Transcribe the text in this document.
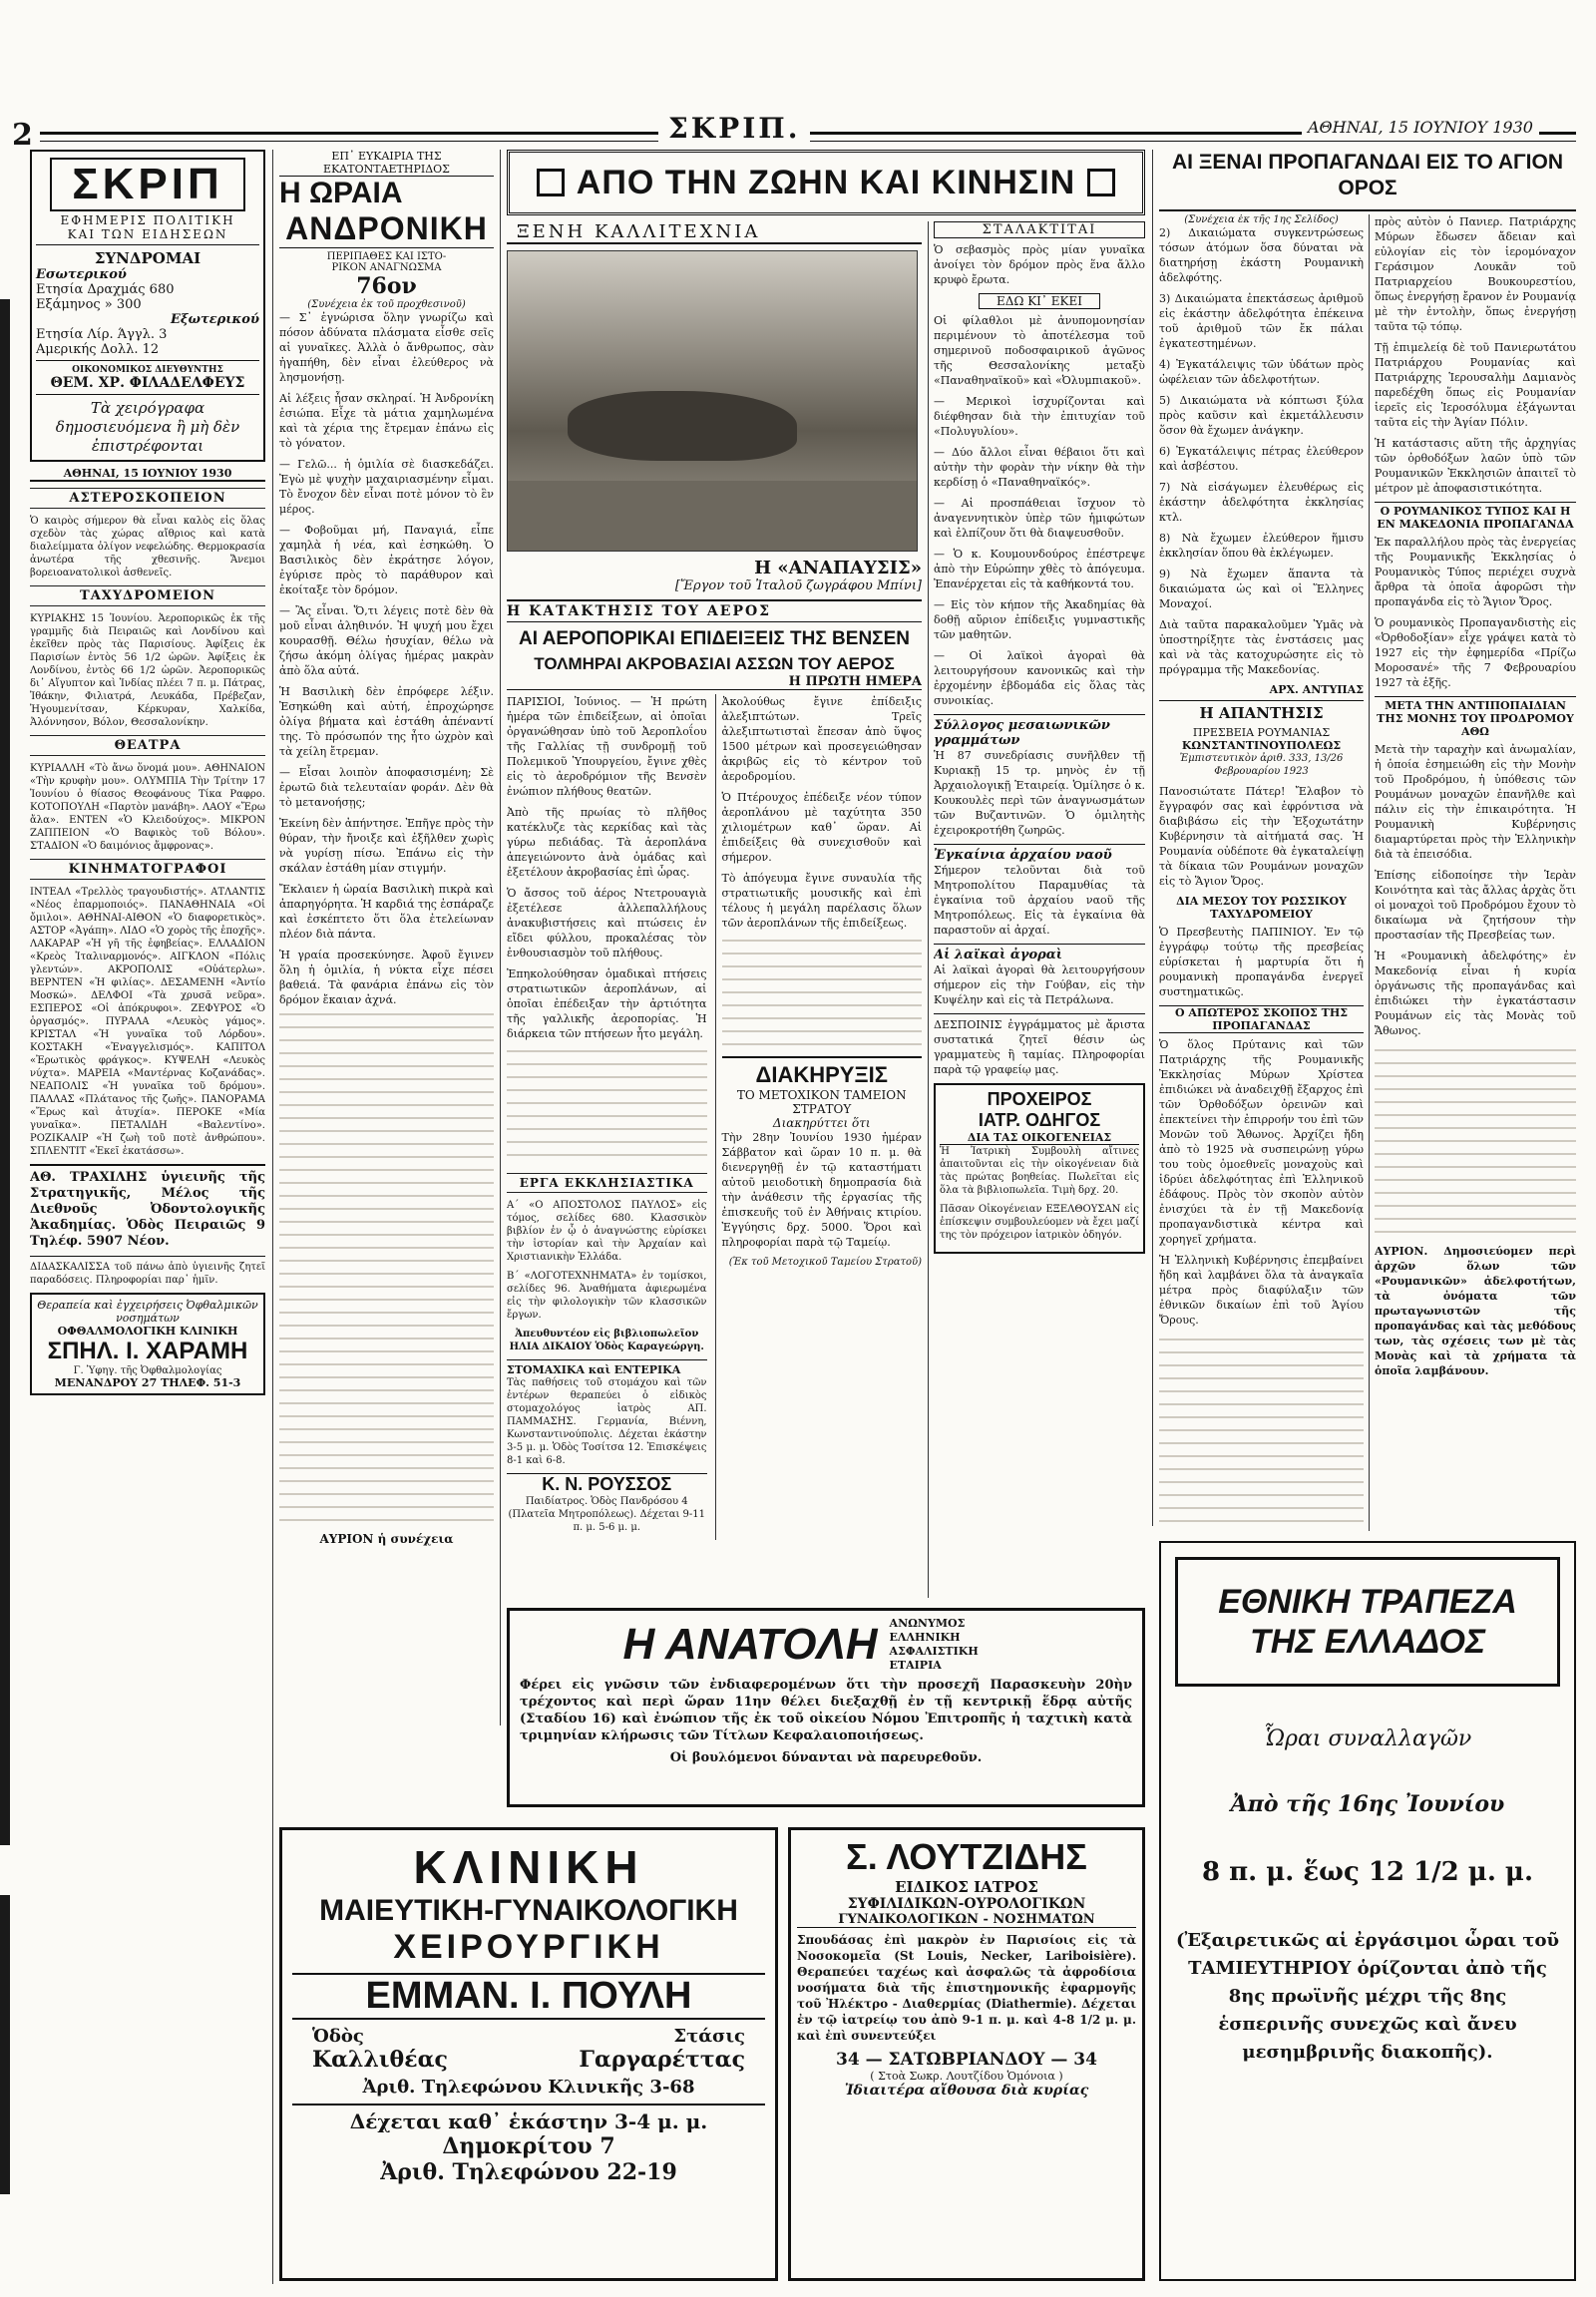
2	ΣΚΡΙΠ.	ΑΘΗΝΑΙ, 15 ΙΟΥΝΙΟΥ 1930
ΣΚΡΙΠ
ΕΦΗΜΕΡΙΣ ΠΟΛΙΤΙΚΗ
ΚΑΙ ΤΩΝ ΕΙΔΗΣΕΩΝ
ΣΥΝΔΡΟΜΑΙ
Εσωτερικού
Ετησία Δραχμάς 680
Εξάμηνος » 300
Εξωτερικού
Ετησία Λίρ. Άγγλ. 3
Αμερικής Δολλ. 12
ΟΙΚΟΝΟΜΙΚΟΣ ΔΙΕΥΘΥΝΤΗΣ
ΘΕΜ. ΧΡ. ΦΙΛΑΔΕΛΦΕΥΣ
Τὰ χειρόγραφα δημοσιευόμενα ἢ μὴ δὲν ἐπιστρέφονται
ΑΘΗΝΑΙ, 15 ΙΟΥΝΙΟΥ 1930
ΑΣΤΕΡΟΣΚΟΠΕΙΟΝ

Ὁ καιρὸς σήμερον θὰ εἶναι καλὸς εἰς ὅλας σχεδὸν τὰς χώρας αἴθριος καὶ κατὰ διαλείμματα ὀλίγον νεφελώδης. Θερμοκρασία ἀνωτέρα τῆς χθεσινῆς. Ἄνεμοι βορειοανατολικοὶ ἀσθενεῖς.

ΤΑΧΥΔΡΟΜΕΙΟΝ

ΚΥΡΙΑΚΗΣ 15 Ἰουνίου. Ἀεροπορικῶς ἐκ τῆς γραμμῆς διὰ Πειραιῶς καὶ Λονδίνου καὶ ἐκεῖθεν πρὸς τὰς Παρισίους. Ἀφίξεις ἐκ Παρισίων ἐντὸς 56 1/2 ὡρῶν. Ἀφίξεις ἐκ Λονδίνου, ἐντὸς 66 1/2 ὡρῶν. Ἀεροπορικῶς δι᾽ Αἴγυπτον καὶ Ἰνδίας πλέει 7 π. μ. Πάτρας, Ἰθάκην, Φιλιατρά, Λευκάδα, Πρέβεζαν, Ἠγουμενίτσαν, Κέρκυραν, Χαλκίδα, Ἀλόννησον, Βόλον, Θεσσαλονίκην.

ΘΕΑΤΡΑ

ΚΥΡΙΑΛΛΗ «Τὸ ἄνω ὅνομά μου». ΑΘΗΝΑΙΟΝ «Τὴν κρυφὴν μου». ΟΛΥΜΠΙΑ Τὴν Τρίτην 17 Ἰουνίου ὁ θίασος Θεοφάνους Τίκα Ραφρο. ΚΟΤΟΠΟΥΛΗ «Παρτὸν μανάβη». ΛΑΟΥ «Ἔρω ἄλα». ΕΝΤΕΝ «Ὁ Κλειδούχος». ΜΙΚΡΟΝ ΖΑΠΠΕΙΟΝ «Ὁ Βαφικὸς τοῦ Βόλου». ΣΤΑΔΙΟΝ «Ὁ δαιμόνιος ἄμφρονας».

ΚΙΝΗΜΑΤΟΓΡΑΦΟΙ

ΙΝΤΕΑΛ «Τρελλὸς τραγουδιστής». ΑΤΛΑΝΤΙΣ «Νέος ἐπαρμοποιός». ΠΑΝΑΘΗΝΑΙΑ «Οἱ ὄμιλοι». ΑΘΗΝΑΙ-ΑΙΘΟΝ «Ὁ διαφορετικὸς». ΑΣΤΟΡ «Ἀγάπη». ΛΙΔΟ «Ὁ χορὸς τῆς ἐποχῆς». ΛΑΚΑΡΑΡ «Ἡ γῆ τῆς ἐφηβείας». ΕΛΛΑΔΙΟΝ «Κρεὸς Ἰταλιναρμονός». ΑΙΓΚΛΟΝ «Πόλις γλεντών». ΑΚΡΟΠΟΛΙΣ «Οὐάτερλω». ΒΕΡΝΤΕΝ «Ἡ φιλίας». ΔΕΣΑΜΕΝΗ «Ἀντίο Μοσκώ». ΔΕΛΦΟΙ «Τὰ χρυσᾶ νεῦρα». ΕΣΠΕΡΟΣ «Οἱ ἀπόκρυφοι». ΖΕΦΥΡΟΣ «Ὁ ὁργασμός». ΠΥΡΑΛΑ «Λευκὸς γάμος». ΚΡΙΣΤΑΛ «Ἡ γυναῖκα τοῦ Λόρδου». ΚΟΣΤΑΚΗ «Ἐναγγελισμός». ΚΑΠΙΤΟΛ «Ἐρωτικὸς φράγκος». ΚΥΨΕΛΗ «Λευκὸς νύχτα». ΜΑΡΕΙΑ «Μαντέρνας Κοζανάδας». ΝΕΑΠΟΛΙΣ «Ἡ γυναῖκα τοῦ δρόμου». ΠΑΛΛΑΣ «Πλάτανος τῆς ζωῆς». ΠΑΝΟΡΑΜΑ «Ἔρως καὶ ἀτυχία». ΠΕΡΟΚΕ «Μία γυναῖκα». ΠΕΤΑΛΙΔΗ «Βαλεντίνο». ΡΟΖΙΚΑΛΙΡ «Ἡ ζωὴ τοῦ ποτὲ ἀνθρώπου». ΣΠΛΕΝΤΙΤ «Ἐκεῖ ἐκατάσσω».

ΑΘ. ΤΡΑΧΙΛΗΣ ὑγιεινῆς τῆς Στρατηγικῆς, Μέλος τῆς Διεθνοῦς Ὀδοντολογικῆς Ἀκαδημίας. Ὁδὸς Πειραιῶς 9 Τηλέφ. 5907 Νέον.

ΔΙΔΑΣΚΑΛΙΣΣΑ τοῦ πάνω ἀπὸ ὑγιεινῆς ζητεῖ παραδόσεις. Πληροφορίαι παρ᾽ ἡμῖν.

Θεραπεία καὶ ἐγχειρήσεις Ὀφθαλμικῶν νοσημάτων
ΟΦΘΑΛΜΟΛΟΓΙΚΗ ΚΛΙΝΙΚΗ
ΣΠΗΛ. Ι. ΧΑΡΑΜΗ
Γ. Ὑφηγ. τῆς Ὀφθαλμολογίας
ΜΕΝΑΝΔΡΟΥ 27 ΤΗΛΕΦ. 51-3
ΕΠ᾽ ΕΥΚΑΙΡΙΑ ΤΗΣ
ΕΚΑΤΟΝΤΑΕΤΗΡΙΔΟΣ
Η ΩΡΑΙΑ
ΑΝΔΡΟΝΙΚΗ
ΠΕΡΙΠΑΘΕΣ ΚΑΙ ΙΣΤΟ-
ΡΙΚΟΝ ΑΝΑΓΝΩΣΜΑ
76ον
(Συνέχεια ἐκ τοῦ προχθεσινοῦ)

— Σ᾽ ἐγνώρισα ὅλην γνωρίζω καὶ πόσον ἀδύνατα πλάσματα εἶσθε σεῖς αἱ γυναῖκες. Ἀλλὰ ὁ ἄνθρωπος, σὰν ἠγαπήθη, δὲν εἶναι ἐλεύθερος νὰ λησμονήσῃ.

Αἱ λέξεις ἦσαν σκληραί. Ἡ Ἀνδρονίκη ἐσιώπα. Εἶχε τὰ μάτια χαμηλωμένα καὶ τὰ χέρια της ἔτρεμαν ἐπάνω εἰς τὸ γόνατον.

— Γελῶ... ἡ ὁμιλία σὲ διασκεδάζει. Ἐγὼ μὲ ψυχὴν μαχαιριασμένην εἶμαι. Τὸ ἔνοχον δὲν εἶναι ποτὲ μόνον τὸ ἓν μέρος.

— Φοβοῦμαι μή, Παναγιά, εἶπε χαμηλὰ ἡ νέα, καὶ ἐσηκώθη. Ὁ Βασιλικὸς δὲν ἐκράτησε λόγον, ἐγύρισε πρὸς τὸ παράθυρον καὶ ἐκοίταξε τὸν δρόμον.

— Ἂς εἶναι. Ὅ,τι λέγεις ποτὲ δὲν θὰ μοῦ εἶναι ἀληθινόν. Ἡ ψυχή μου ἔχει κουρασθῇ. Θέλω ἡσυχίαν, θέλω νὰ ζήσω ἀκόμη ὀλίγας ἡμέρας μακρὰν ἀπὸ ὅλα αὐτά.

Ἡ Βασιλικὴ δὲν ἐπρόφερε λέξιν. Ἐσηκώθη καὶ αὐτή, ἐπροχώρησε ὀλίγα βήματα καὶ ἐστάθη ἀπέναντί της. Τὸ πρόσωπόν της ἦτο ὠχρὸν καὶ τὰ χείλη ἔτρεμαν.

— Εἶσαι λοιπὸν ἀποφασισμένη; Σὲ ἐρωτῶ διὰ τελευταίαν φοράν. Δὲν θὰ τὸ μετανοήσῃς;

Ἐκείνη δὲν ἀπήντησε. Ἐπῆγε πρὸς τὴν θύραν, τὴν ἤνοιξε καὶ ἐξῆλθεν χωρὶς νὰ γυρίσῃ πίσω. Ἐπάνω εἰς τὴν σκάλαν ἐστάθη μίαν στιγμήν.

Ἔκλαιεν ἡ ὡραία Βασιλικὴ πικρὰ καὶ ἀπαρηγόρητα. Ἡ καρδιά της ἐσπάραζε καὶ ἐσκέπτετο ὅτι ὅλα ἐτελείωναν πλέον διὰ πάντα.

Ἡ γραία προσεκύνησε. Ἀφοῦ ἔγινεν ὅλη ἡ ὁμιλία, ἡ νύκτα εἶχε πέσει βαθειά. Τὰ φανάρια ἐπάνω εἰς τὸν δρόμον ἔκαιαν ἀχνά.

ΑΥΡΙΟΝ ἡ συνέχεια
ΑΠΟ ΤΗΝ ΖΩΗΝ ΚΑΙ ΚΙΝΗΣΙΝ
ΞΕΝΗ ΚΑΛΛΙΤΕΧΝΙΑ
Η «ΑΝΑΠΑΥΣΙΣ»
[Ἔργον τοῦ Ἰταλοῦ ζωγράφου Μπίνι]
Η ΚΑΤΑΚΤΗΣΙΣ ΤΟΥ ΑΕΡΟΣ
ΑΙ ΑΕΡΟΠΟΡΙΚΑΙ ΕΠΙΔΕΙΞΕΙΣ ΤΗΣ ΒΕΝΣΕΝ
ΤΟΛΜΗΡΑΙ ΑΚΡΟΒΑΣΙΑΙ ΑΣΣΩΝ ΤΟΥ ΑΕΡΟΣ
Η ΠΡΩΤΗ ΗΜΕΡΑ

ΠΑΡΙΣΙΟΙ, Ἰούνιος. — Ἡ πρώτη ἡμέρα τῶν ἐπιδείξεων, αἱ ὁποῖαι ὀργανώθησαν ὑπὸ τοῦ Ἀεροπλοΐου τῆς Γαλλίας τῇ συνδρομῇ τοῦ Πολεμικοῦ Ὑπουργείου, ἔγινε χθὲς εἰς τὸ ἀεροδρόμιον τῆς Βενσὲν ἐνώπιον πλήθους θεατῶν.

Ἀπὸ τῆς πρωίας τὸ πλῆθος κατέκλυζε τὰς κερκίδας καὶ τὰς γύρω πεδιάδας. Τὰ ἀεροπλάνα ἀπεγειώνοντο ἀνὰ ὁμάδας καὶ ἐξετέλουν ἀκροβασίας ἐπὶ ὧρας.

Ὁ ἄσσος τοῦ ἀέρος Ντετρουαγιὰ ἐξετέλεσε ἀλλεπαλλήλους ἀνακυβιστήσεις καὶ πτώσεις ἐν εἴδει φύλλου, προκαλέσας τὸν ἐνθουσιασμὸν τοῦ πλήθους.

Ἐπηκολούθησαν ὁμαδικαὶ πτήσεις στρατιωτικῶν ἀεροπλάνων, αἱ ὁποῖαι ἐπέδειξαν τὴν ἀρτιότητα τῆς γαλλικῆς ἀεροπορίας. Ἡ διάρκεια τῶν πτήσεων ἦτο μεγάλη.

ΕΡΓΑ ΕΚΚΛΗΣΙΑΣΤΙΚΑ

Α΄ «Ο ΑΠΟΣΤΟΛΟΣ ΠΑΥΛΟΣ» εἰς τόμος, σελίδες 680. Κλασσικὸν βιβλίον ἐν ᾧ ὁ ἀναγνώστης εὑρίσκει τὴν ἱστορίαν καὶ τὴν Ἀρχαίαν καὶ Χριστιανικὴν Ἑλλάδα.

Β΄ «ΛΟΓΟΤΕΧΝΗΜΑΤΑ» ἐν τομίσκοι, σελίδες 96. Ἀναθήματα ἀφιερωμένα εἰς τὴν φιλολογικὴν τῶν κλασσικῶν ἔργων.

Ἀπευθυντέον εἰς βιβλιοπωλεῖον ΗΛΙΑ ΔΙΚΑΙΟΥ Ὁδὸς Καραγεώργη.

ΣΤΟΜΑΧΙΚΑ καὶ ΕΝΤΕΡΙΚΑ

Τὰς παθήσεις τοῦ στομάχου καὶ τῶν ἐντέρων θεραπεύει ὁ εἰδικὸς στομαχολόγος ἰατρὸς ΑΠ. ΠΑΜΜΑΣΗΣ. Γερμανία, Βιέννη, Κωνσταντινούπολις. Δέχεται ἑκάστην 3-5 μ. μ. Ὁδὸς Τοσίτσα 12. Ἐπισκέψεις 8-1 καὶ 6-8.

Κ. Ν. ΡΟΥΣΣΟΣ

Παιδίατρος. Ὁδὸς Πανδρόσου 4 (Πλατεῖα Μητροπόλεως). Δέχεται 9-11 π. μ. 5-6 μ. μ.

Ἀκολούθως ἔγινε ἐπίδειξις ἀλεξιπτώτων. Τρεῖς ἀλεξιπτωτισταὶ ἔπεσαν ἀπὸ ὕψος 1500 μέτρων καὶ προσεγειώθησαν ἀκριβῶς εἰς τὸ κέντρον τοῦ ἀεροδρομίου.

Ὁ Πτέρουχος ἐπέδειξε νέον τύπον ἀεροπλάνου μὲ ταχύτητα 350 χιλιομέτρων καθ᾽ ὥραν. Αἱ ἐπιδείξεις θὰ συνεχισθοῦν καὶ σήμερον.

Τὸ ἀπόγευμα ἔγινε συναυλία τῆς στρατιωτικῆς μουσικῆς καὶ ἐπὶ τέλους ἡ μεγάλη παρέλασις ὅλων τῶν ἀεροπλάνων τῆς ἐπιδείξεως.

ΔΙΑΚΗΡΥΞΙΣ
ΤΟ ΜΕΤΟΧΙΚΟΝ ΤΑΜΕΙΟΝ
ΣΤΡΑΤΟΥ
Διακηρύττει ὅτι

Τὴν 28ην Ἰουνίου 1930 ἡμέραν Σάββατον καὶ ὥραν 10 π. μ. θὰ διενεργηθῇ ἐν τῷ καταστήματι αὐτοῦ μειοδοτικὴ δημοπρασία διὰ τὴν ἀνάθεσιν τῆς ἐργασίας τῆς ἐπισκευῆς τοῦ ἐν Ἀθήναις κτιρίου. Ἐγγύησις δρχ. 5000. Ὅροι καὶ πληροφορίαι παρὰ τῷ Ταμείῳ.

(Ἐκ τοῦ Μετοχικοῦ Ταμείου Στρατοῦ)

ΣΤΑΛΑΚΤΙΤΑΙ

Ὁ σεβασμὸς πρὸς μίαν γυναῖκα ἀνοίγει τὸν δρόμον πρὸς ἕνα ἄλλο κρυφὸ ἔρωτα.

ΕΔΩ ΚΙ᾽ ΕΚΕΙ

Οἱ φίλαθλοι μὲ ἀνυπομονησίαν περιμένουν τὸ ἀποτέλεσμα τοῦ σημερινοῦ ποδοσφαιρικοῦ ἀγῶνος τῆς Θεσσαλονίκης μεταξὺ «Παναθηναϊκοῦ» καὶ «Ὀλυμπιακοῦ».

— Μερικοὶ ἰσχυρίζονται καὶ διέφθησαν διὰ τὴν ἐπιτυχίαν τοῦ «Πολυγυλίου».

— Δύο ἄλλοι εἶναι θέβαιοι ὅτι καὶ αὐτὴν τὴν φορὰν τὴν νίκην θὰ τὴν κερδίσῃ ὁ «Παναθηναϊκός».

— Αἱ προσπάθειαι ἴσχυον τὸ ἀναγεννητικὸν ὑπὲρ τῶν ἡμιφώτων καὶ ἐλπίζουν ὅτι θὰ διαψευσθοῦν.

— Ὁ κ. Κουμουνδούρος ἐπέστρεψε ἀπὸ τὴν Εὐρώπην χθὲς τὸ ἀπόγευμα. Ἐπανέρχεται εἰς τὰ καθήκοντά του.

— Εἰς τὸν κήπον τῆς Ἀκαδημίας θὰ δοθῇ αὔριον ἐπίδειξις γυμναστικῆς τῶν μαθητῶν.

— Οἱ λαϊκοὶ ἀγοραὶ θὰ λειτουργήσουν κανονικῶς καὶ τὴν ἐρχομένην ἑβδομάδα εἰς ὅλας τὰς συνοικίας.

Σύλλογος μεσαιωνικῶν γραμμάτων

Ἡ 87 συνεδρίασις συνῆλθεν τῇ Κυριακῇ 15 τρ. μηνὸς ἐν τῇ Ἀρχαιολογικῇ Ἑταιρείᾳ. Ὁμίλησε ὁ κ. Κουκουλὲς περὶ τῶν ἀναγνωσμάτων τῶν Βυζαντινῶν. Ὁ ὁμιλητὴς ἐχειροκροτήθη ζωηρῶς.

Ἐγκαίνια ἀρχαίου ναοῦ

Σήμερον τελοῦνται διὰ τοῦ Μητροπολίτου Παραμυθίας τὰ ἐγκαίνια τοῦ ἀρχαίου ναοῦ τῆς Μητροπόλεως. Εἰς τὰ ἐγκαίνια θὰ παραστοῦν αἱ ἀρχαί.

Αἱ λαϊκαὶ ἀγοραὶ

Αἱ λαϊκαὶ ἀγοραὶ θὰ λειτουργήσουν σήμερον εἰς τὴν Γούβαν, εἰς τὴν Κυψέλην καὶ εἰς τὰ Πετράλωνα.

ΔΕΣΠΟΙΝΙΣ ἐγγράμματος μὲ ἄριστα συστατικά ζητεῖ θέσιν ὡς γραμματεὺς ἢ ταμίας. Πληροφορίαι παρὰ τῷ γραφείῳ μας.

ΠΡΟΧΕΙΡΟΣ
ΙΑΤΡ. ΟΔΗΓΟΣ
ΔΙΑ ΤΑΣ ΟΙΚΟΓΕΝΕΙΑΣ

Ἡ Ἰατρικὴ Συμβουλὴ αἴτινες ἀπαιτοῦνται εἰς τὴν οἰκογένειαν διὰ τὰς πρώτας βοηθείας. Πωλεῖται εἰς ὅλα τὰ βιβλιοπωλεῖα. Τιμὴ δρχ. 20.

Πᾶσαν Οἰκογένειαν ΕΞΕΛΘΟΥΣΑΝ εἰς ἐπίσκεψιν συμβουλεύομεν νὰ ἔχει μαζί της τὸν πρόχειρον ἰατρικὸν ὁδηγόν.

Η ΑΝΑΤΟΛΗ ΑΝΩΝΥΜΟΣ ΕΛΛΗΝΙΚΗ ΑΣΦΑΛΙΣΤΙΚΗ ΕΤΑΙΡΙΑ

Φέρει εἰς γνῶσιν τῶν ἐνδιαφερομένων ὅτι τὴν προσεχῆ Παρασκευὴν 20ὴν τρέχοντος καὶ περὶ ὥραν 11ην θέλει διεξαχθῇ ἐν τῇ κεντρικῇ ἕδρᾳ αὐτῆς (Σταδίου 16) καὶ ἐνώπιον τῆς ἐκ τοῦ οἰκείου Νόμου Ἐπιτροπῆς ἡ ταχτικὴ κατὰ τριμηνίαν κλήρωσις τῶν Τίτλων Κεφαλαιοποιήσεως.

Οἱ βουλόμενοι δύνανται νὰ παρευρεθοῦν.

ΚΛΙΝΙΚΗ
ΜΑΙΕΥΤΙΚΗ-ΓΥΝΑΙΚΟΛΟΓΙΚΗ
ΧΕΙΡΟΥΡΓΙΚΗ
ΕΜΜΑΝ. Ι. ΠΟΥΛΗ
Ὁδὸς	Στάσις
Καλλιθέας	Γαργαρέττας
Ἀριθ. Τηλεφώνου Κλινικῆς 3-68
Δέχεται καθ᾽ ἑκάστην 3-4 μ. μ.
Δημοκρίτου 7
Ἀριθ. Τηλεφώνου 22-19
Σ. ΛΟΥΤΖΙΔΗΣ
ΕΙΔΙΚΟΣ ΙΑΤΡΟΣ
ΣΥΦΙΛΙΔΙΚΩΝ-ΟΥΡΟΛΟΓΙΚΩΝ
ΓΥΝΑΙΚΟΛΟΓΙΚΩΝ - ΝΟΣΗΜΑΤΩΝ

Σπουδάσας ἐπὶ μακρὸν ἐν Παρισίοις εἰς τὰ Νοσοκομεῖα (St Louis, Necker, Lariboisière). Θεραπεύει ταχέως καὶ ἀσφαλῶς τὰ ἀφροδίσια νοσήματα διὰ τῆς ἐπιστημονικῆς ἐφαρμογῆς τοῦ Ἠλέκτρο - Διαθερμίας (Diathermie). Δέχεται ἐν τῷ ἰατρείῳ του ἀπὸ 9-1 π. μ. καὶ 4-8 1/2 μ. μ. καὶ ἐπὶ συνεντεύξει

34 — ΣΑΤΩΒΡΙΑΝΔΟΥ — 34
( Στοὰ Σωκρ. Λουτζίδου Ὁμόνοια )
Ἰδιαιτέρα αἴθουσα διὰ κυρίας
ΑΙ ΞΕΝΑΙ ΠΡΟΠΑΓΑΝΔΑΙ ΕΙΣ ΤΟ ΑΓΙΟΝ ΟΡΟΣ
(Συνέχεια ἐκ τῆς 1ης Σελίδος)

2) Δικαιώματα συγκεντρώσεως τόσων ἀτόμων ὅσα δύναται νὰ διατηρήσῃ ἑκάστη Ρουμανικὴ ἀδελφότης.

3) Δικαιώματα ἐπεκτάσεως ἀριθμοῦ εἰς ἑκάστην ἀδελφότητα ἐπέκεινα τοῦ ἀριθμοῦ τῶν ἔκ πάλαι ἐγκατεστημένων.

4) Ἐγκατάλειψις τῶν ὑδάτων πρὸς ὠφέλειαν τῶν ἀδελφοτήτων.

5) Δικαιώματα νὰ κόπτωσι ξύλα πρὸς καῦσιν καὶ ἐκμετάλλευσιν ὅσον θὰ ἔχωμεν ἀνάγκην.

6) Ἐγκατάλειψις πέτρας ἐλεύθερον καὶ ἀσβέστου.

7) Νὰ εἰσάγωμεν ἐλευθέρως εἰς ἑκάστην ἀδελφότητα ἐκκλησίας κτλ.

8) Νὰ ἔχωμεν ἐλεύθερον ἥμισυ ἐκκλησίαν ὅπου θὰ ἐκλέγωμεν.

9) Νὰ ἔχωμεν ἅπαντα τὰ δικαιώματα ὡς καὶ οἱ Ἕλληνες Μοναχοί.

Διὰ ταῦτα παρακαλοῦμεν Ὑμᾶς νὰ ὑποστηρίξητε τὰς ἐνστάσεις μας καὶ νὰ τὰς κατοχυρώσητε εἰς τὸ πρόγραμμα τῆς Μακεδονίας.

ΑΡΧ. ΑΝΤΥΠΑΣ
Η ΑΠΑΝΤΗΣΙΣ
ΠΡΕΣΒΕΙΑ ΡΟΥΜΑΝΙΑΣ
ΚΩΝΣΤΑΝΤΙΝΟΥΠΟΛΕΩΣ

Ἐμπιστευτικὸν ἀριθ. 333, 13/26 Φεβρουαρίου 1923

Πανοσιώτατε Πάτερ! Ἔλαβον τὸ ἔγγραφόν σας καὶ ἐφρόντισα νὰ διαβιβάσω εἰς τὴν Ἐξοχωτάτην Κυβέρνησιν τὰ αἰτήματά σας. Ἡ Ρουμανία οὐδέποτε θὰ ἐγκαταλείψῃ τὰ δίκαια τῶν Ρουμάνων μοναχῶν εἰς τὸ Ἅγιον Ὄρος.

ΔΙΑ ΜΕΣΟΥ ΤΟΥ ΡΩΣΣΙΚΟΥ ΤΑΧΥΔΡΟΜΕΙΟΥ

Ὁ Πρεσβευτὴς ΠΑΠΙΝΙΟΥ. Ἐν τῷ ἐγγράφῳ τούτῳ τῆς πρεσβείας εὑρίσκεται ἡ μαρτυρία ὅτι ἡ ρουμανικὴ προπαγάνδα ἐνεργεῖ συστηματικῶς.

Ο ΑΠΩΤΕΡΟΣ ΣΚΟΠΟΣ ΤΗΣ ΠΡΟΠΑΓΑΝΔΑΣ

Ὁ ὅλος Πρύτανις καὶ τῶν Πατριάρχης τῆς Ρουμανικῆς Ἐκκλησίας Μύρων Χρίστεα ἐπιδιώκει νὰ ἀναδειχθῇ ἔξαρχος ἐπὶ τῶν Ὀρθοδόξων ὀρεινῶν καὶ ἐπεκτείνει τὴν ἐπιρροήν του ἐπὶ τῶν Μονῶν τοῦ Ἄθωνος. Ἀρχίζει ἤδη ἀπὸ τὸ 1925 νὰ συσπειρώνῃ γύρω του τοὺς ὁμοεθνεῖς μοναχοὺς καὶ ἱδρύει ἀδελφότητας ἐπὶ Ἑλληνικοῦ ἐδάφους. Πρὸς τὸν σκοπὸν αὐτὸν ἐνισχύει τὰ ἐν τῇ Μακεδονίᾳ προπαγανδιστικὰ κέντρα καὶ χορηγεῖ χρήματα.

Ἡ Ἑλληνικὴ Κυβέρνησις ἐπεμβαίνει ἤδη καὶ λαμβάνει ὅλα τὰ ἀναγκαῖα μέτρα πρὸς διαφύλαξιν τῶν ἐθνικῶν δικαίων ἐπὶ τοῦ Ἁγίου Ὄρους.

πρὸς αὐτὸν ὁ Πανιερ. Πατριάρχης Μύρων ἔδωσεν ἄδειαν καὶ εὐλογίαν εἰς τὸν ἱερομόναχον Γεράσιμον Λουκᾶν τοῦ Πατριαρχείου Βουκουρεστίου, ὅπως ἐνεργήσῃ ἔρανον ἐν Ρουμανίᾳ μὲ τὴν ἐντολὴν, ὅπως ἐνεργήσῃ ταῦτα τῷ τόπῳ.

Τῇ ἐπιμελείᾳ δὲ τοῦ Πανιερωτάτου Πατριάρχου Ρουμανίας καὶ Πατριάρχης Ἱερουσαλὴμ Δαμιανὸς παρεδέχθη ὅπως εἰς Ρουμανίαν ἱερεῖς εἰς Ἱεροσόλυμα ἐξάγωνται ταῦτα εἰς τὴν Ἁγίαν Πόλιν.

Ἡ κατάστασις αὕτη τῆς ἀρχηγίας τῶν ὀρθοδόξων λαῶν ὑπὸ τῶν Ρουμανικῶν Ἐκκλησιῶν ἀπαιτεῖ τὸ μέτρον μὲ ἀποφασιστικότητα.

Ο ΡΟΥΜΑΝΙΚΟΣ ΤΥΠΟΣ ΚΑΙ Η ΕΝ ΜΑΚΕΔΟΝΙΑ ΠΡΟΠΑΓΑΝΔΑ

Ἐκ παραλλήλου πρὸς τὰς ἐνεργείας τῆς Ρουμανικῆς Ἐκκλησίας ὁ Ρουμανικὸς Τύπος περιέχει συχνὰ ἄρθρα τὰ ὁποῖα ἀφορῶσι τὴν προπαγάνδα εἰς τὸ Ἅγιον Ὄρος.

Ὁ ρουμανικὸς Προπαγανδιστὴς εἰς «Ὀρθοδοξίαν» εἶχε γράψει κατὰ τὸ 1927 εἰς τὴν ἐφημερίδα «Πρίζω Μοροσανέ» τῆς 7 Φεβρουαρίου 1927 τὰ ἑξῆς.

ΜΕΤΑ ΤΗΝ ΑΝΤΙΠΟΠΑΙΔΙΑΝ ΤΗΣ ΜΟΝΗΣ ΤΟΥ ΠΡΟΔΡΟΜΟΥ ΑΘΩ

Μετὰ τὴν ταραχὴν καὶ ἀνωμαλίαν, ἡ ὁποία ἐσημειώθη εἰς τὴν Μονὴν τοῦ Προδρόμου, ἡ ὑπόθεσις τῶν Ρουμάνων μοναχῶν ἐπανῆλθε καὶ πάλιν εἰς τὴν ἐπικαιρότητα. Ἡ Ρουμανικὴ Κυβέρνησις διαμαρτύρεται πρὸς τὴν Ἑλληνικὴν διὰ τὰ ἐπεισόδια.

Ἐπίσης εἰδοποίησε τὴν Ἱερὰν Κοινότητα καὶ τὰς ἄλλας ἀρχὰς ὅτι οἱ μοναχοὶ τοῦ Προδρόμου ἔχουν τὸ δικαίωμα νὰ ζητήσουν τὴν προστασίαν τῆς Πρεσβείας των.

Ἡ «Ρουμανικὴ ἀδελφότης» ἐν Μακεδονίᾳ εἶναι ἡ κυρία ὀργάνωσις τῆς προπαγάνδας καὶ ἐπιδιώκει τὴν ἐγκατάστασιν Ρουμάνων εἰς τὰς Μονὰς τοῦ Ἄθωνος.

ΑΥΡΙΟΝ. Δημοσιεύομεν περὶ ἀρχῶν ὅλων τῶν «Ρουμανικῶν» ἀδελφοτήτων, τὰ ὀνόματα τῶν πρωταγωνιστῶν τῆς προπαγάνδας καὶ τὰς μεθόδους των, τὰς σχέσεις των μὲ τὰς Μονὰς καὶ τὰ χρήματα τὰ ὁποῖα λαμβάνουν.

ΕΘΝΙΚΗ ΤΡΑΠΕΖΑ ΤΗΣ ΕΛΛΑΔΟΣ
Ὧραι συναλλαγῶν
Ἀπὸ τῆς 16ης Ἰουνίου
8 π. μ. ἕως 12 1/2 μ. μ.
(Ἐξαιρετικῶς αἱ ἐργάσιμοι ὧραι τοῦ ΤΑΜΙΕΥΤΗΡΙΟΥ ὁρίζονται ἀπὸ τῆς 8ης πρωϊνῆς μέχρι τῆς 8ης ἑσπερινῆς συνεχῶς καὶ ἄνευ μεσημβρινῆς διακοπῆς).
